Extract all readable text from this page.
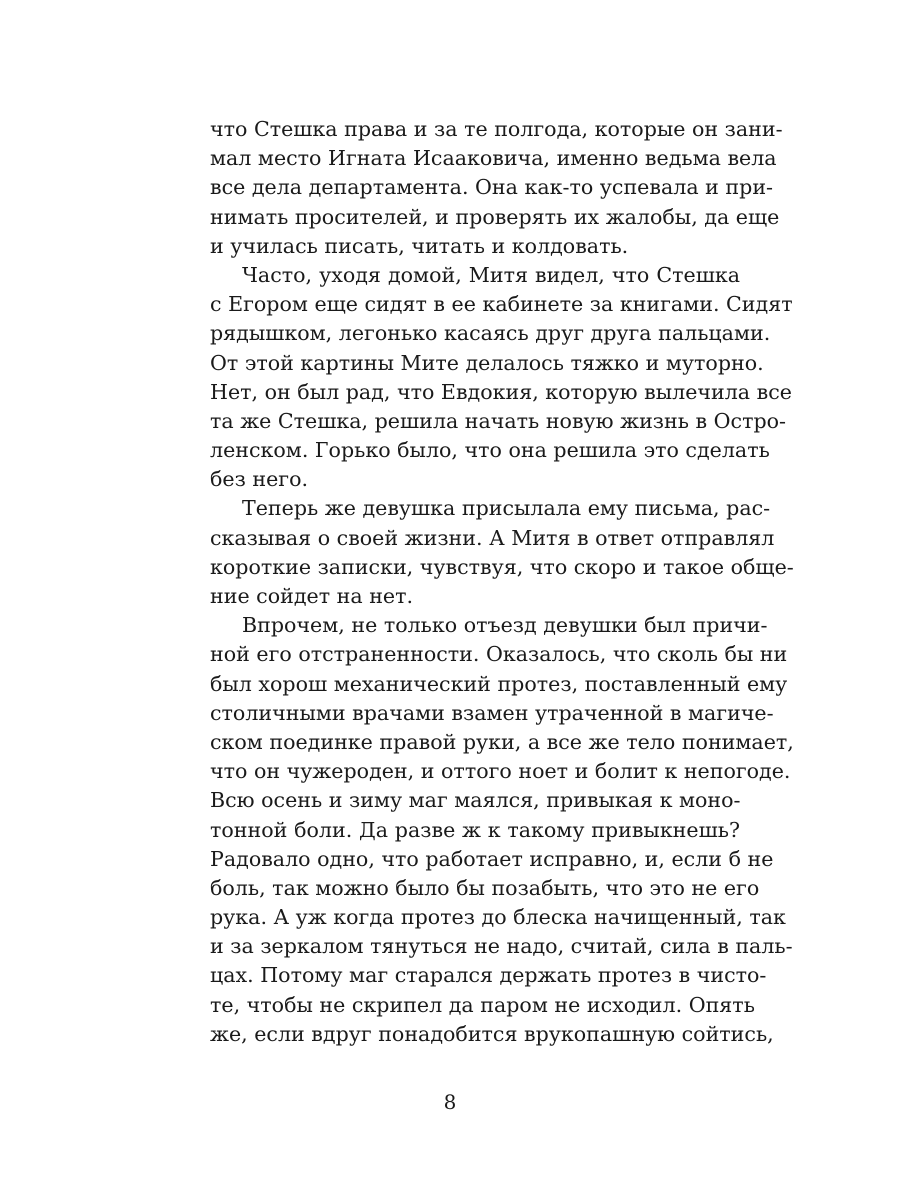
что Стешка права и за те полгода, которые он зани-
мал место Игната Исааковича, именно ведьма вела
все дела департамента. Она как-то успевала и при-
нимать просителей, и проверять их жалобы, да еще
и училась писать, читать и колдовать.
Часто, уходя домой, Митя видел, что Стешка
с Егором еще сидят в ее кабинете за книгами. Сидят
рядышком, легонько касаясь друг друга пальцами.
От этой картины Мите делалось тяжко и муторно.
Нет, он был рад, что Евдокия, которую вылечила все
та же Стешка, решила начать новую жизнь в Остро-
ленском. Горько было, что она решила это сделать
без него.
Теперь же девушка присылала ему письма, рас-
сказывая о своей жизни. А Митя в ответ отправлял
короткие записки, чувствуя, что скоро и такое обще-
ние сойдет на нет.
Впрочем, не только отъезд девушки был причи-
ной его отстраненности. Оказалось, что сколь бы ни
был хорош механический протез, поставленный ему
столичными врачами взамен утраченной в магиче-
ском поединке правой руки, а все же тело понимает,
что он чужероден, и оттого ноет и болит к непогоде.
Всю осень и зиму маг маялся, привыкая к моно-
тонной боли. Да разве ж к такому привыкнешь?
Радовало одно, что работает исправно, и, если б не
боль, так можно было бы позабыть, что это не его
рука. А уж когда протез до блеска начищенный, так
и за зеркалом тянуться не надо, считай, сила в паль-
цах. Потому маг старался держать протез в чисто-
те, чтобы не скрипел да паром не исходил. Опять
же, если вдруг понадобится врукопашную сойтись,
8
